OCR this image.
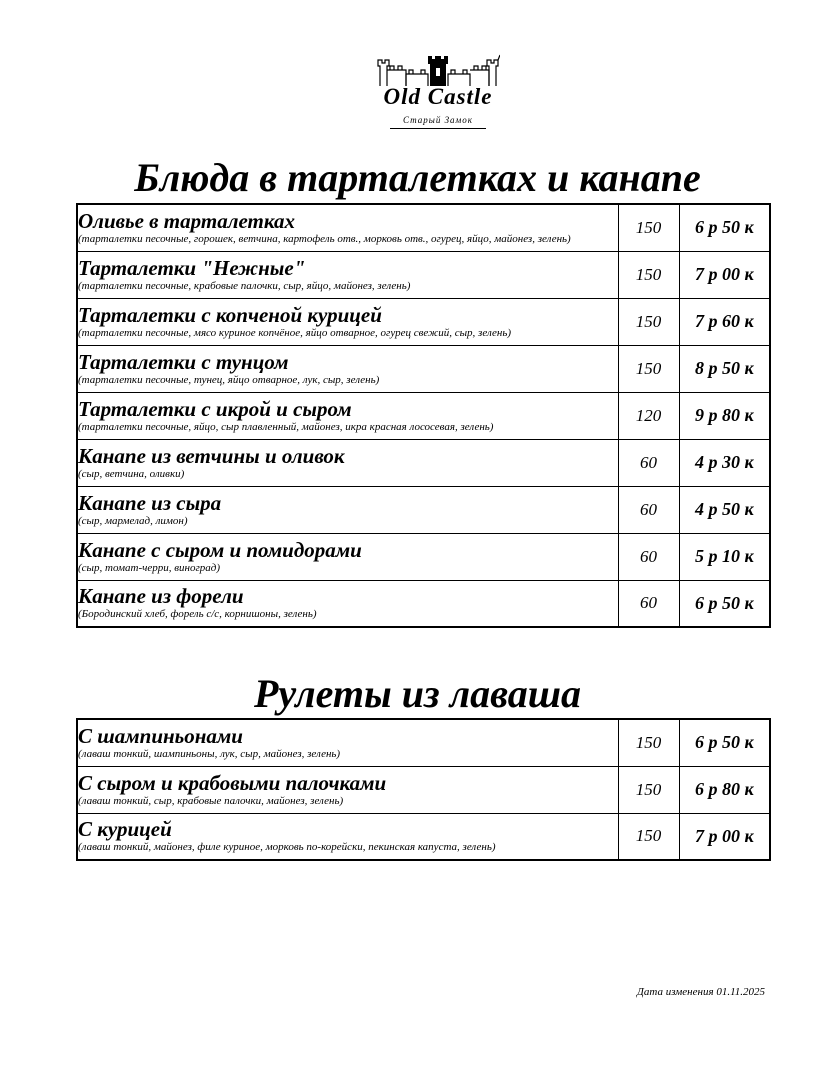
Old Castle
Старый Замок
Блюда в тарталетках и канапе
Оливье в тарталетках
(тарталетки песочные, горошек, ветчина, картофель отв., морковь отв., огурец, яйцо, майонез, зелень)	150	6 р 50 к

Тарталетки "Нежные"
(тарталетки песочные, крабовые палочки, сыр, яйцо, майонез, зелень)	150	7 р 00 к

Тарталетки с копченой курицей
(тарталетки песочные, мясо куриное копчёное, яйцо отварное, огурец свежий, сыр, зелень)	150	7 р 60 к

Тарталетки с тунцом
(тарталетки песочные, тунец, яйцо отварное, лук, сыр, зелень)	150	8 р 50 к

Тарталетки с икрой и сыром
(тарталетки песочные, яйцо, сыр плавленный, майонез, икра красная лососевая, зелень)	120	9 р 80 к

Канапе из ветчины и оливок
(сыр, ветчина, оливки)	60	4 р 30 к

Канапе из сыра
(сыр, мармелад, лимон)	60	4 р 50 к

Канапе с сыром и помидорами
(сыр, томат-черри, виноград)	60	5 р 10 к

Канапе из форели
(Бородинский хлеб, форель с/с, корнишоны, зелень)	60	6 р 50 к
Рулеты из лаваша
С шампиньонами
(лаваш тонкий, шампиньоны, лук, сыр, майонез, зелень)	150	6 р 50 к

С сыром и крабовыми палочками
(лаваш тонкий, сыр, крабовые палочки, майонез, зелень)	150	6 р 80 к

С курицей
(лаваш тонкий, майонез, филе куриное, морковь по-корейски, пекинская капуста, зелень)	150	7 р 00 к
Дата изменения 01.11.2025
